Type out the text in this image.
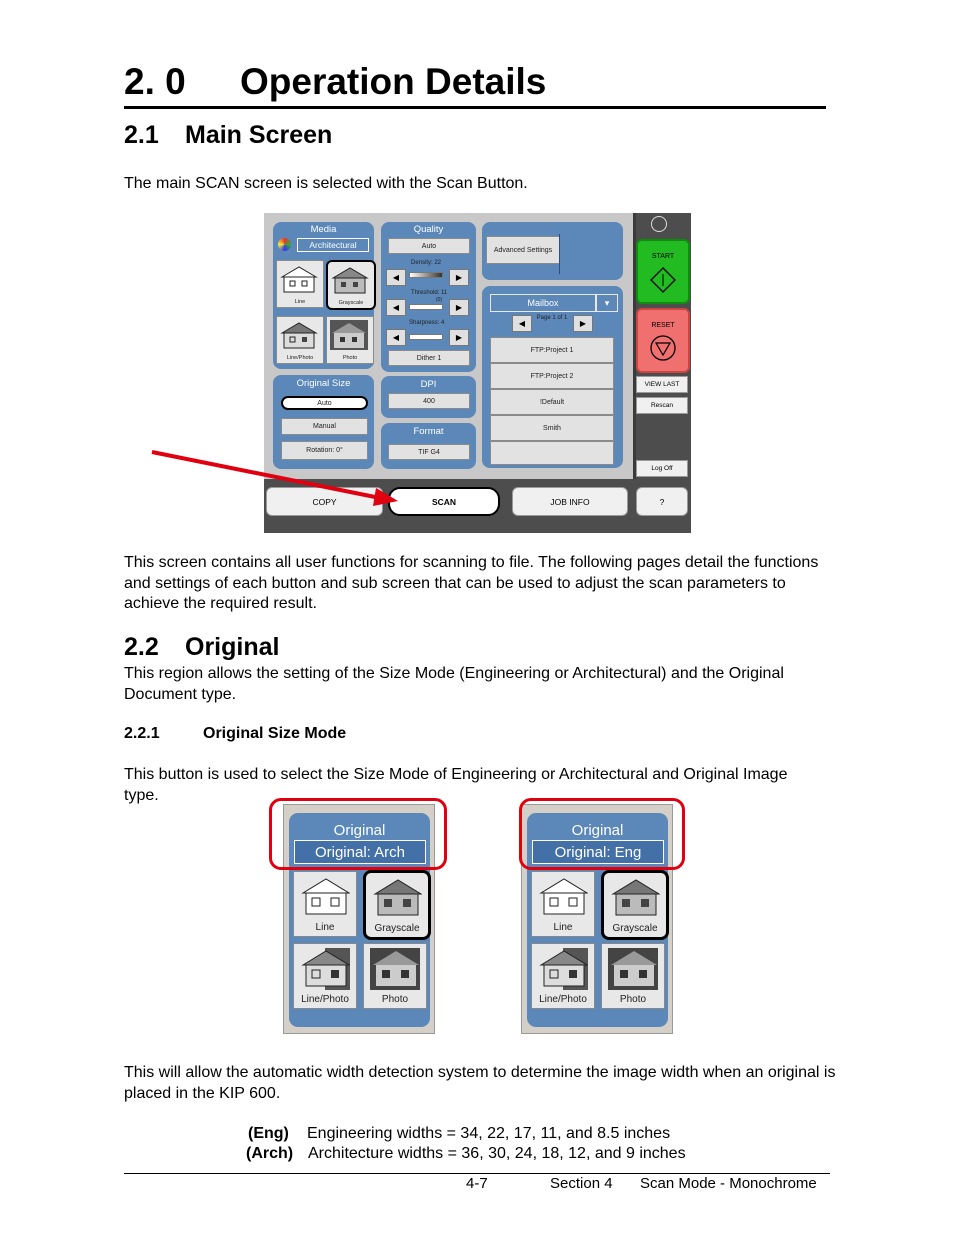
2. 0 Operation Details
2.1 Main Screen
The main SCAN screen is selected with the Scan Button.
Media
Architectural
Line	Grayscale
Line/Photo	Photo
Quality
Auto
Density: 22
◀	▶
Threshold: 11
(0)
◀	▶
Sharpness: 4
◀	▶
Dither 1
Advanced Settings
Mailbox	▾
◀
Page 1 of 1
▶
FTP:Project 1
FTP:Project 2
!Default
Smith
Original Size
Auto
Manual
Rotation: 0°
DPI
400
Format
TIF G4
START
RESET
VIEW LAST
Rescan
Log Off
COPY	SCAN	JOB INFO	?
This screen contains all user functions for scanning to file. The following pages detail the functions and settings of each button and sub screen that can be used to adjust the scan parameters to achieve the required result.
2.2 Original
This region allows the setting of the Size Mode (Engineering or Architectural) and the Original Document type.
2.2.1	Original Size Mode
This button is used to select the Size Mode of Engineering or Architectural and Original Image type.
Original
Original: Arch
Line	Grayscale
Line/Photo	Photo
Original
Original: Eng
Line	Grayscale
Line/Photo	Photo
This will allow the automatic width detection system to determine the image width when an original is placed in the KIP 600.
(Eng) Engineering widths = 34, 22, 17, 11, and 8.5 inches
(Arch) Architecture widths = 36, 30, 24, 18, 12, and 9 inches
4-7	Section 4 Scan Mode - Monochrome
